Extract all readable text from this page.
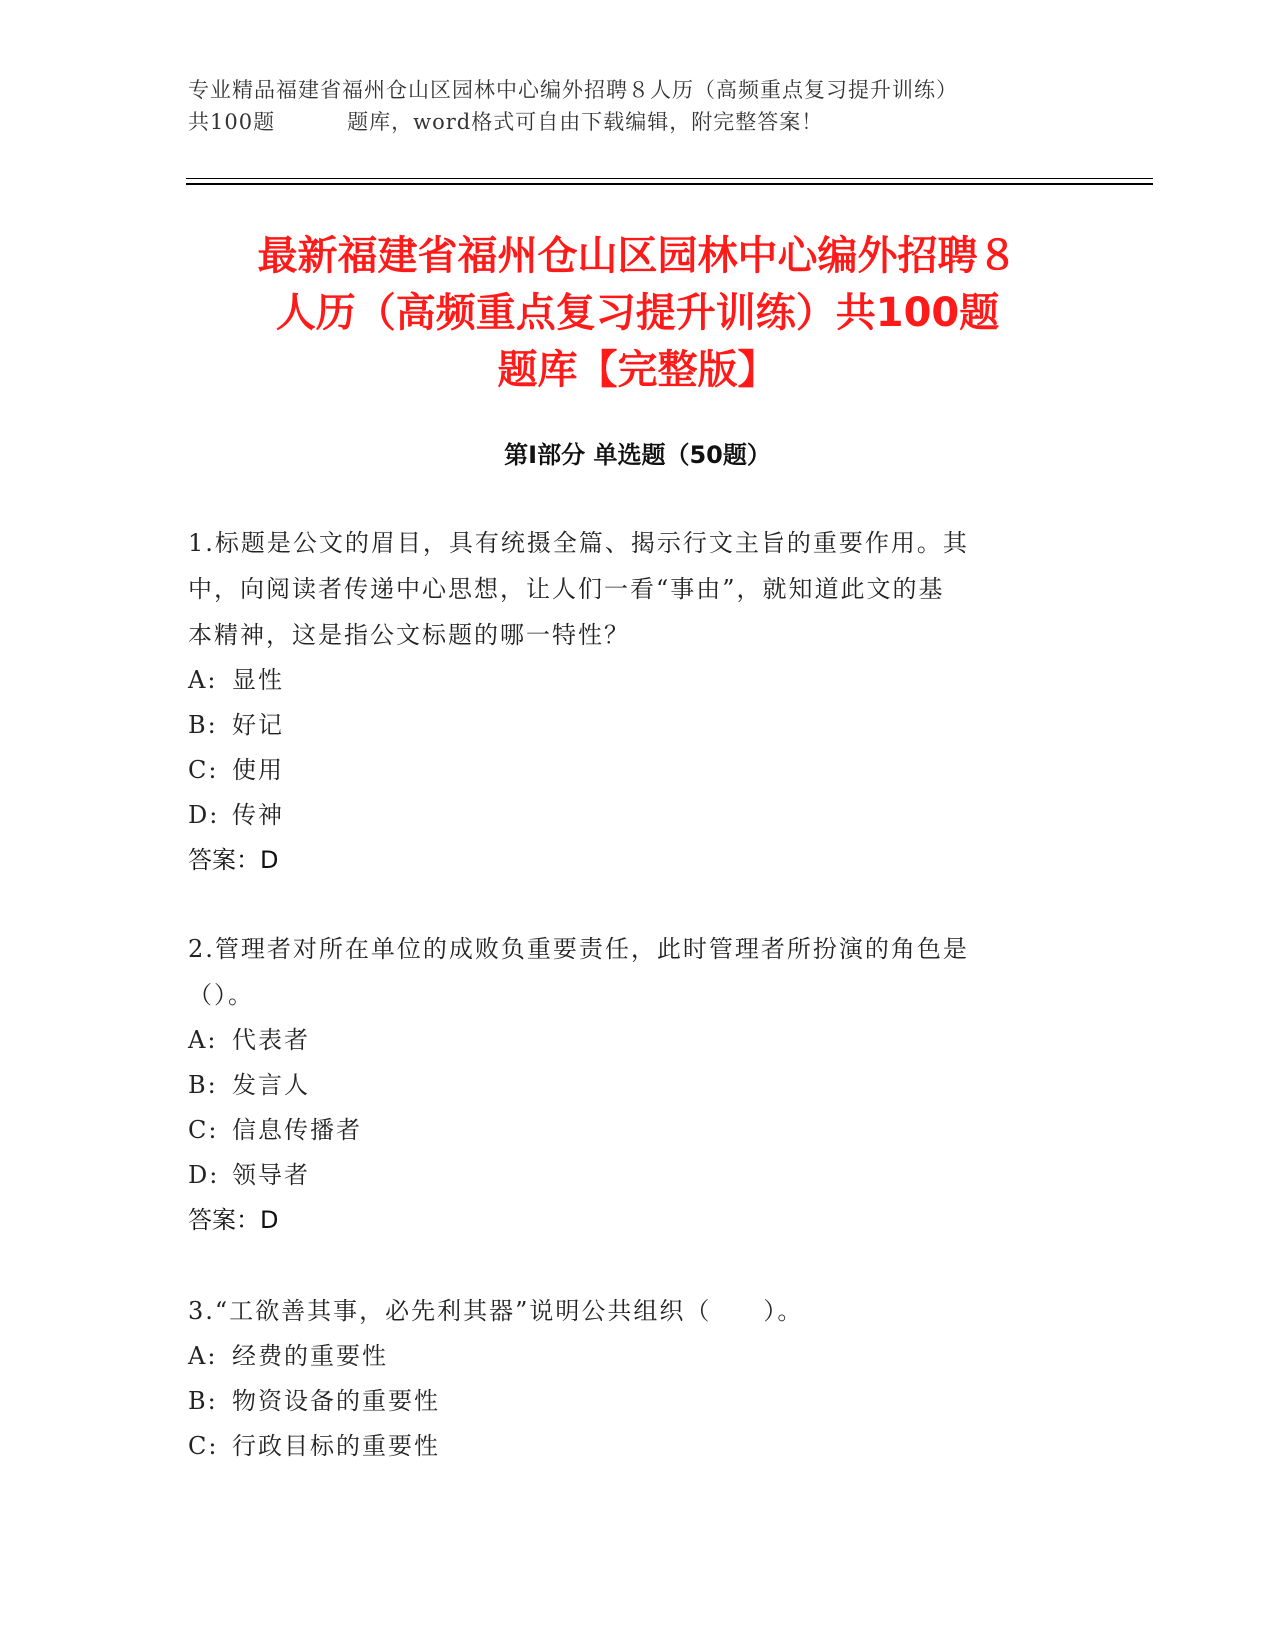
专业精品福建省福州仓山区园林中心编外招聘８人历（高频重点复习提升训练）
共100题	题库，word格式可自由下载编辑，附完整答案！
最新福建省福州仓山区园林中心编外招聘８
人历（高频重点复习提升训练）共100题
题库【完整版】
第Ⅰ部分 单选题（50题）
1.标题是公文的眉目，具有统摄全篇、揭示行文主旨的重要作用。其
中，向阅读者传递中心思想，让人们一看“事由”，就知道此文的基
本精神，这是指公文标题的哪一特性？
A: 显性
B: 好记
C: 使用
D: 传神
答案：D
2.管理者对所在单位的成败负重要责任，此时管理者所扮演的角色是
（）。
A: 代表者
B: 发言人
C: 信息传播者
D: 领导者
答案：D
3.“工欲善其事，必先利其器”说明公共组织（　　）。
A: 经费的重要性
B: 物资设备的重要性
C: 行政目标的重要性
